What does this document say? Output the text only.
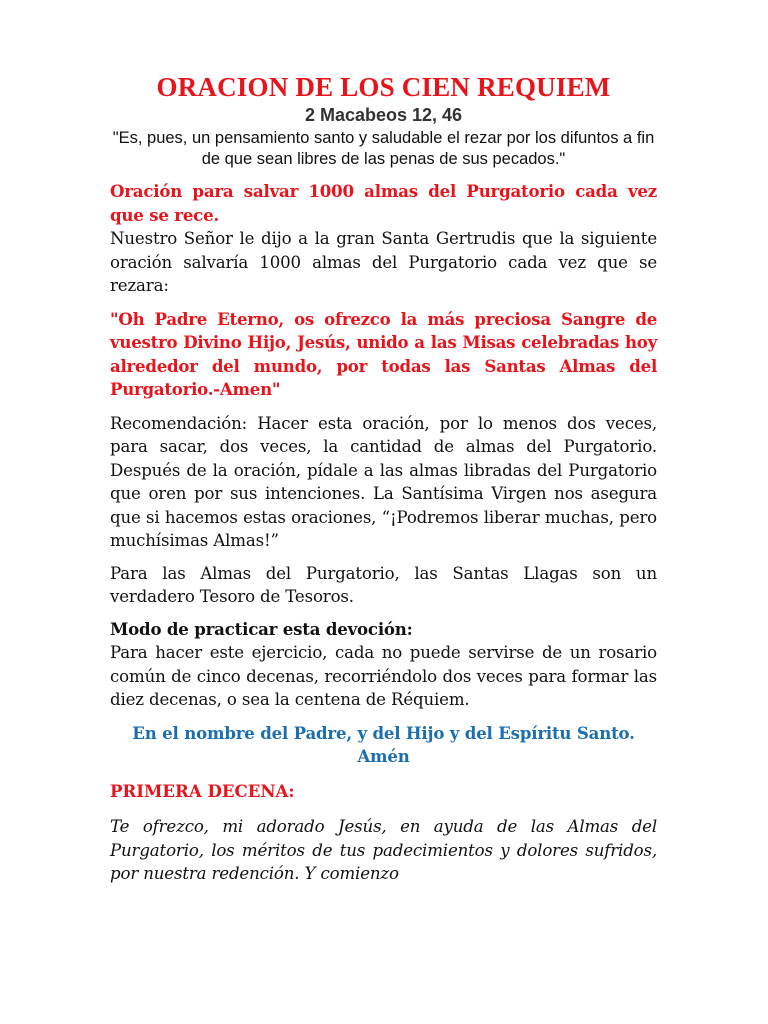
ORACION DE LOS CIEN REQUIEM

2 Macabeos 12, 46

"Es, pues, un pensamiento santo y saludable el rezar por los difuntos a fin de que sean libres de las penas de sus pecados."

Oración para salvar 1000 almas del Purgatorio cada vez que se rece.

Nuestro Señor le dijo a la gran Santa Gertrudis que la siguiente oración salvaría 1000 almas del Purgatorio cada vez que se rezara:

"Oh Padre Eterno, os ofrezco la más preciosa Sangre de vuestro Divino Hijo, Jesús, unido a las Misas celebradas hoy alrededor del mundo, por todas las Santas Almas del Purgatorio.-Amen"

Recomendación: Hacer esta oración, por lo menos dos veces, para sacar, dos veces, la cantidad de almas del Purgatorio. Después de la oración, pídale a las almas libradas del Purgatorio que oren por sus intenciones. La Santísima Virgen nos asegura que si hacemos estas oraciones, “¡Podremos liberar muchas, pero muchísimas Almas!”

Para las Almas del Purgatorio, las Santas Llagas son un verdadero Tesoro de Tesoros.

Modo de practicar esta devoción:

Para hacer este ejercicio, cada no puede servirse de un rosario común de cinco decenas, recorriéndolo dos veces para formar las diez decenas, o sea la centena de Réquiem.

En el nombre del Padre, y del Hijo y del Espíritu Santo. Amén

PRIMERA DECENA:

Te ofrezco, mi adorado Jesús, en ayuda de las Almas del Purgatorio, los méritos de tus padecimientos y dolores sufridos, por nuestra redención. Y comienzo
